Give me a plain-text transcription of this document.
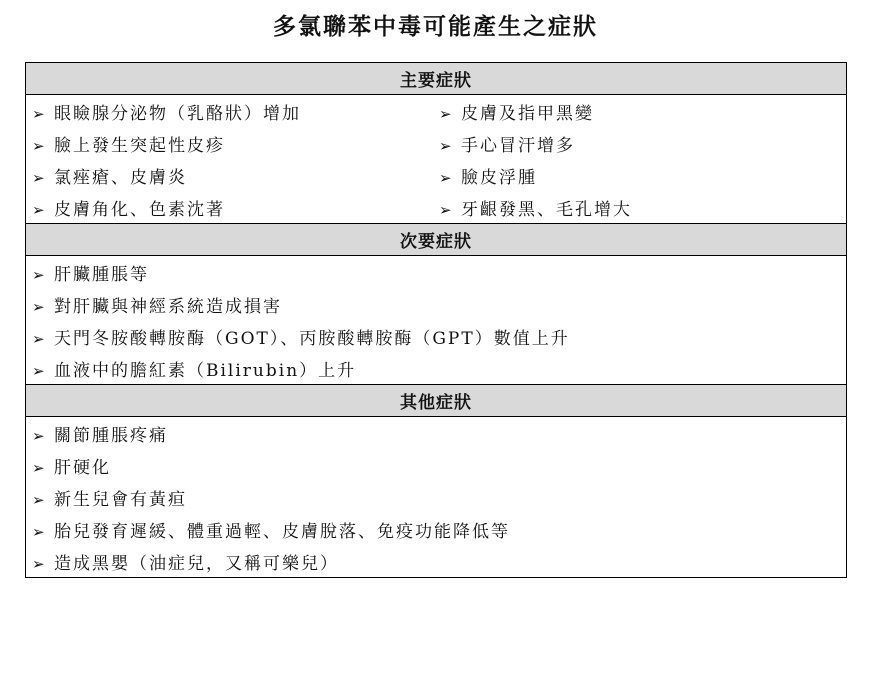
多氯聯苯中毒可能產生之症狀
主要症狀

➢ 眼瞼腺分泌物（乳酪狀）增加	➢ 皮膚及指甲黑變

➢ 臉上發生突起性皮疹	➢ 手心冒汗增多

➢ 氯痤瘡、皮膚炎	➢ 臉皮浮腫

➢ 皮膚角化、色素沈著	➢ 牙齦發黑、毛孔增大

次要症狀
➢ 肝臟腫脹等
➢ 對肝臟與神經系統造成損害
➢ 天門冬胺酸轉胺酶（GOT）、丙胺酸轉胺酶（GPT）數值上升
➢ 血液中的膽紅素（Bilirubin）上升
其他症狀
➢ 關節腫脹疼痛
➢ 肝硬化
➢ 新生兒會有黃疸
➢ 胎兒發育遲緩、體重過輕、皮膚脫落、免疫功能降低等
➢ 造成黑嬰（油症兒，又稱可樂兒）
